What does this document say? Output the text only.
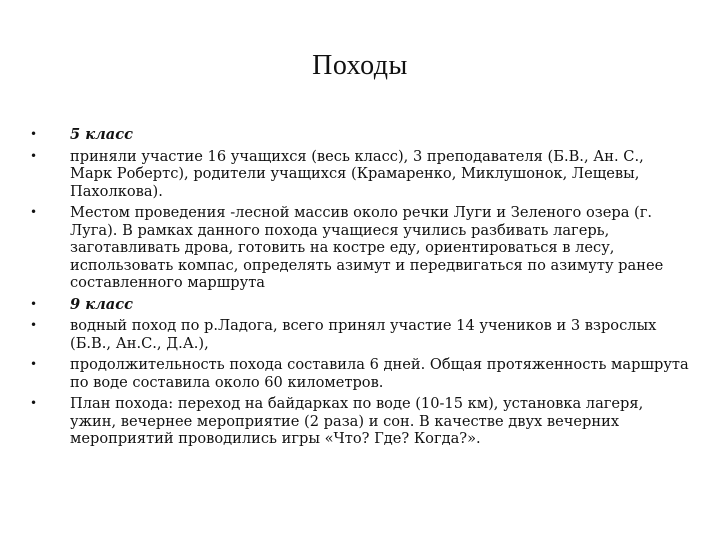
Походы
•	5 класс
•	приняли участие 16 учащихся (весь класс), 3 преподавателя (Б.В., Ан. С., Марк Робертс), родители учащихся (Крамаренко, Миклушонок, Лещевы, Пахолкова).
•	Местом проведения -лесной массив около речки Луги и Зеленого озера (г. Луга). В рамках данного похода учащиеся учились разбивать лагерь, заготавливать дрова, готовить на костре еду, ориентироваться в лесу, использовать компас, определять азимут и передвигаться по азимуту ранее составленного маршрута
•	9 класс
•	водный поход по р.Ладога, всего принял участие 14 учеников и 3 взрослых (Б.В., Ан.С., Д.А.),
•	продолжительность похода составила 6 дней. Общая протяженность маршрута по воде составила около 60 километров.
•	План похода: переход на байдарках по воде (10-15 км), установка лагеря, ужин, вечернее мероприятие (2 раза) и сон. В качестве двух вечерних мероприятий проводились игры «Что? Где? Когда?».
